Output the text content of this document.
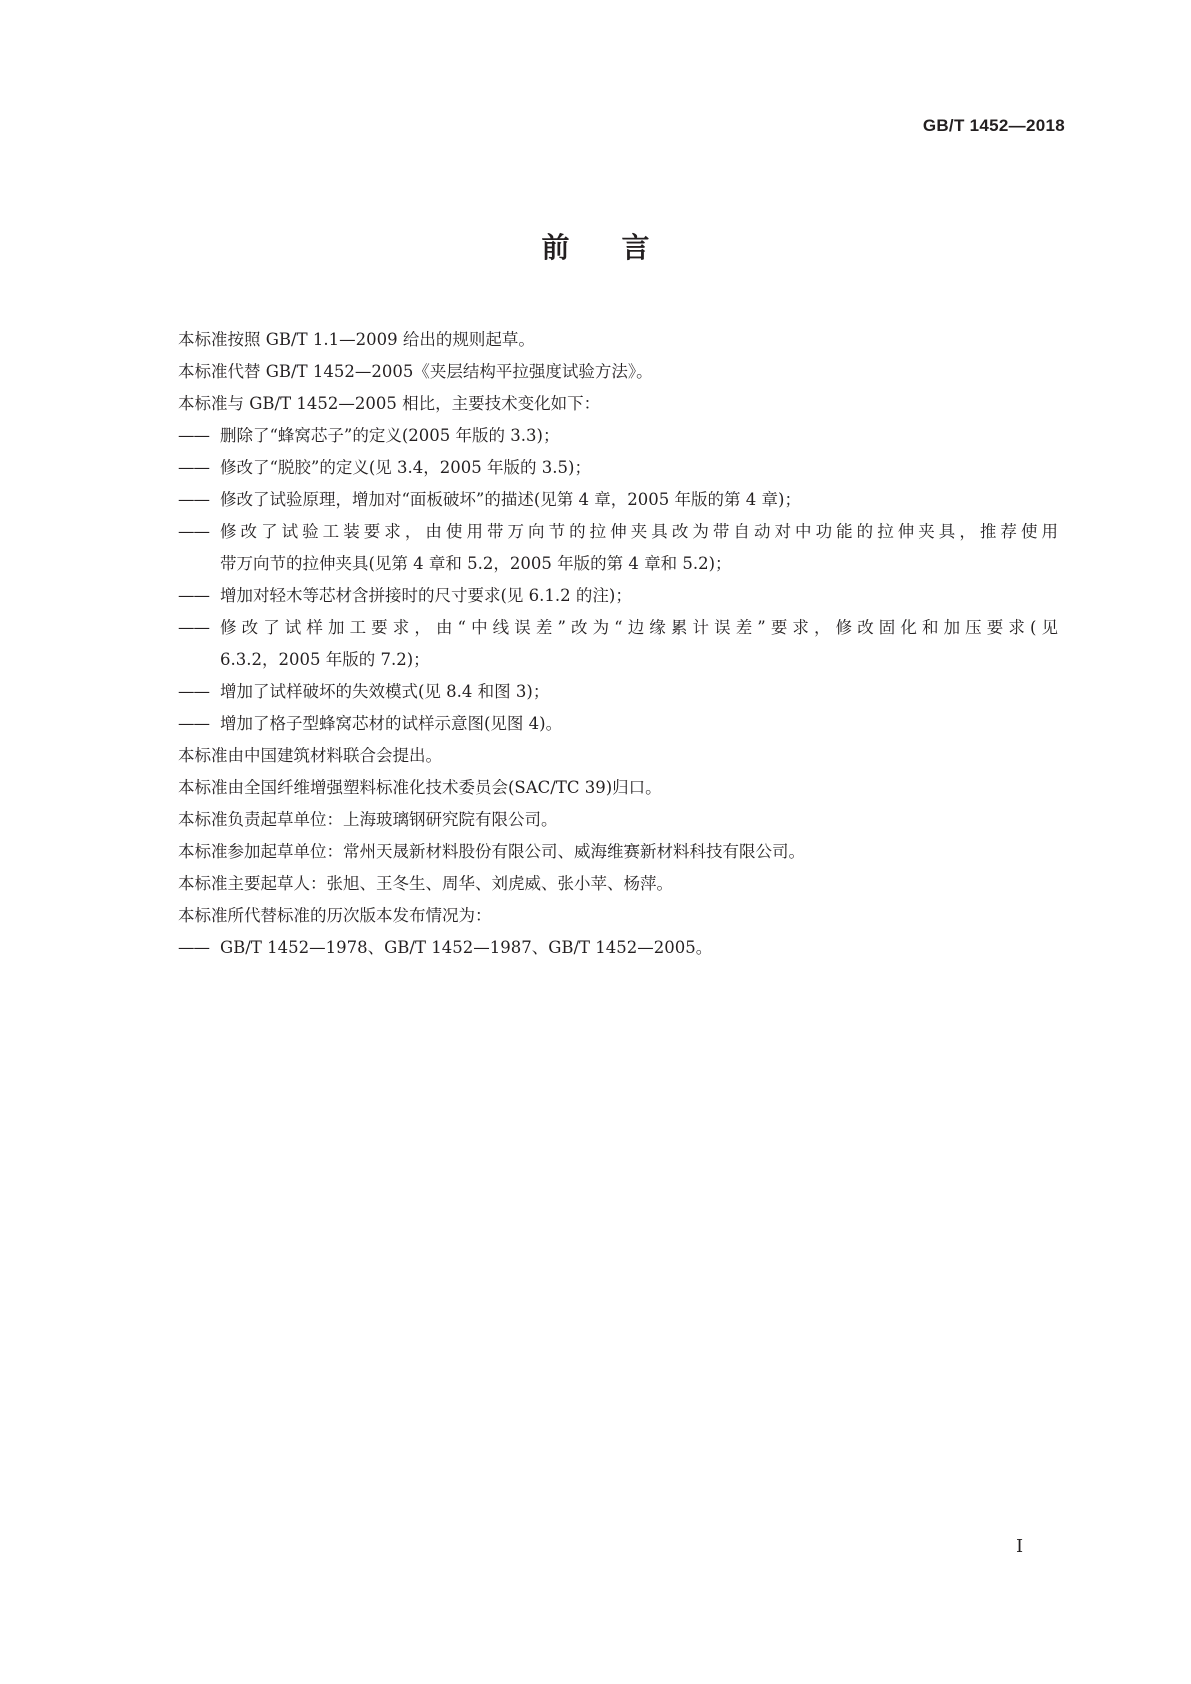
GB/T 1452—2018
前言

本标准按照 GB/T 1.1—2009 给出的规则起草。

本标准代替 GB/T 1452—2005《夹层结构平拉强度试验方法》。

本标准与 GB/T 1452—2005 相比，主要技术变化如下：

—— 删除了“蜂窝芯子”的定义(2005 年版的 3.3)；
—— 修改了“脱胶”的定义(见 3.4，2005 年版的 3.5)；
—— 修改了试验原理，增加对“面板破坏”的描述(见第 4 章，2005 年版的第 4 章)；
—— 修改了试验工装要求，由使用带万向节的拉伸夹具改为带自动对中功能的拉伸夹具，推荐使用
带万向节的拉伸夹具(见第 4 章和 5.2，2005 年版的第 4 章和 5.2)；
—— 增加对轻木等芯材含拼接时的尺寸要求(见 6.1.2 的注)；
—— 修改了试样加工要求，由“中线误差”改为“边缘累计误差”要求，修改固化和加压要求(见
6.3.2，2005 年版的 7.2)；
—— 增加了试样破坏的失效模式(见 8.4 和图 3)；
—— 增加了格子型蜂窝芯材的试样示意图(见图 4)。

本标准由中国建筑材料联合会提出。

本标准由全国纤维增强塑料标准化技术委员会(SAC/TC 39)归口。

本标准负责起草单位：上海玻璃钢研究院有限公司。

本标准参加起草单位：常州天晟新材料股份有限公司、威海维赛新材料科技有限公司。

本标准主要起草人：张旭、王冬生、周华、刘虎威、张小苹、杨萍。

本标准所代替标准的历次版本发布情况为：

—— GB/T 1452—1978、GB/T 1452—1987、GB/T 1452—2005。
I
